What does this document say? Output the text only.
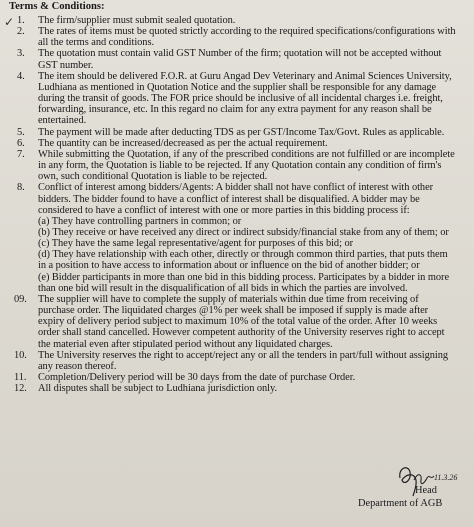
Terms & Conditions:
✓ 1.	The firm/supplier must submit sealed quotation.
2.	The rates of items must be quoted strictly according to the required specifications/configurations with
all the terms and conditions.
3.	The quotation must contain valid GST Number of the firm; quotation will not be accepted without
GST number.
4.	The item should be delivered F.O.R. at Guru Angad Dev Veterinary and Animal Sciences University,
Ludhiana as mentioned in Quotation Notice and the supplier shall be responsible for any damage
during the transit of goods. The FOR price should be inclusive of all incidental charges i.e. freight,
forwarding, insurance, etc. In this regard no claim for any extra payment for any reason shall be
entertained.
5.	The payment will be made after deducting TDS as per GST/Income Tax/Govt. Rules as applicable.
6.	The quantity can be increased/decreased as per the actual requirement.
7.	While submitting the Quotation, if any of the prescribed conditions are not fulfilled or are incomplete
in any form, the Quotation is liable to be rejected. If any Quotation contain any condition of firm's
own, such conditional Quotation is liable to be rejected.
8.	Conflict of interest among bidders/Agents: A bidder shall not have conflict of interest with other
bidders. The bidder found to have a conflict of interest shall be disqualified. A bidder may be
considered to have a conflict of interest with one or more parties in this bidding process if:
(a) They have controlling partners in common; or
(b) They receive or have received any direct or indirect subsidy/financial stake from any of them; or
(c) They have the same legal representative/agent for purposes of this bid; or
(d) They have relationship with each other, directly or through common third parties, that puts them
in a position to have access to information about or influence on the bid of another bidder; or
(e) Bidder participants in more than one bid in this bidding process. Participates by a bidder in more
than one bid will result in the disqualification of all bids in which the parties are involved.
09.	The supplier will have to complete the supply of materials within due time from receiving of
purchase order. The liquidated charges @1% per week shall be imposed if supply is made after
expiry of delivery period subject to maximum 10% of the total value of the order. After 10 weeks
order shall stand cancelled. However competent authority of the University reserves right to accept
the material even after stipulated period without any liquidated charges.
10.	The University reserves the right to accept/reject any or all the tenders in part/full without assigning
any reason thereof.
11.	Completion/Delivery period will be 30 days from the date of purchase Order.
12.	All disputes shall be subject to Ludhiana jurisdiction only.
11.3.26
Head
Department of AGB
